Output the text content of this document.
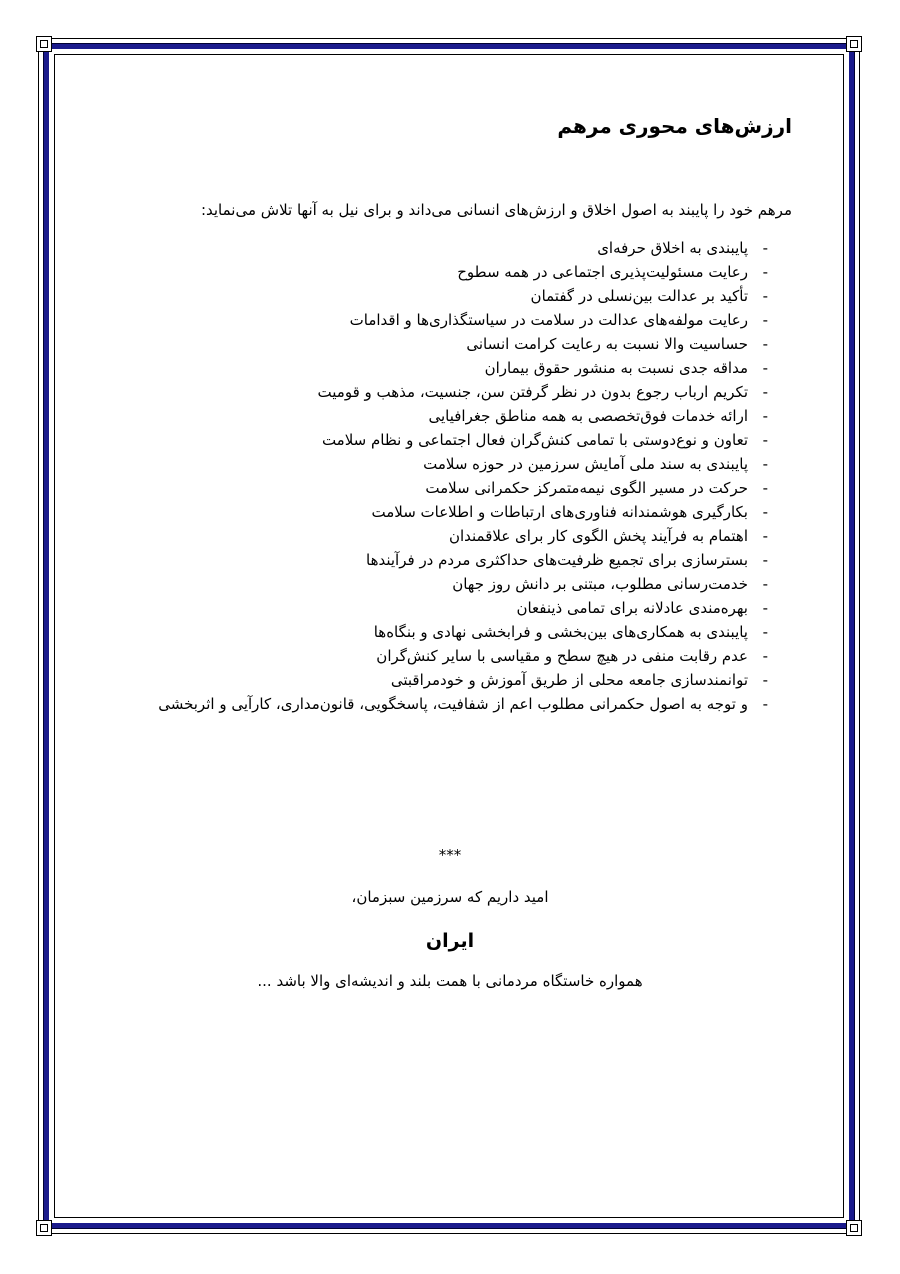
ارزش‌های محوری مرهم

مرهم خود را پایبند به اصول اخلاق و ارزش‌های انسانی می‌داند و برای نیل به آنها تلاش می‌نماید:

- پایبندی به اخلاق حرفه‌ای
- رعایت مسئولیت‌پذیری اجتماعی در همه سطوح
- تأکید بر عدالت بین‌نسلی در گفتمان
- رعایت مولفه‌های عدالت در سلامت در سیاستگذاری‌ها و اقدامات
- حساسیت والا نسبت به رعایت کرامت انسانی
- مداقه جدی نسبت به منشور حقوق بیماران
- تکریم ارباب رجوع بدون در نظر گرفتن سن، جنسیت، مذهب و قومیت
- ارائه خدمات فوق‌تخصصی به همه مناطق جغرافیایی
- تعاون و نوع‌دوستی با تمامی کنش‌گران فعال اجتماعی و نظام سلامت
- پایبندی به سند ملی آمایش سرزمین در حوزه سلامت
- حرکت در مسیر الگوی نیمه‌متمرکز حکمرانی سلامت
- بکارگیری هوشمندانه فناوری‌های ارتباطات و اطلاعات سلامت
- اهتمام به فرآیند پخش الگوی کار برای علاقمندان
- بسترسازی برای تجمیع ظرفیت‌های حداکثری مردم در فرآیندها
- خدمت‌رسانی مطلوب، مبتنی بر دانش روز جهان
- بهره‌مندی عادلانه برای تمامی ذینفعان
- پایبندی به همکاری‌های بین‌بخشی و فرابخشی نهادی و بنگاه‌ها
- عدم رقابت منفی در هیچ سطح و مقیاسی با سایر کنش‌گران
- توانمندسازی جامعه محلی از طریق آموزش و خودمراقبتی
- و توجه به اصول حکمرانی مطلوب اعم از شفافیت، پاسخگویی، قانون‌مداری، کارآیی و اثربخشی
***
امید داریم که سرزمین سبزمان،
ایران
همواره خاستگاه مردمانی با همت بلند و اندیشه‌ای والا باشد ...
